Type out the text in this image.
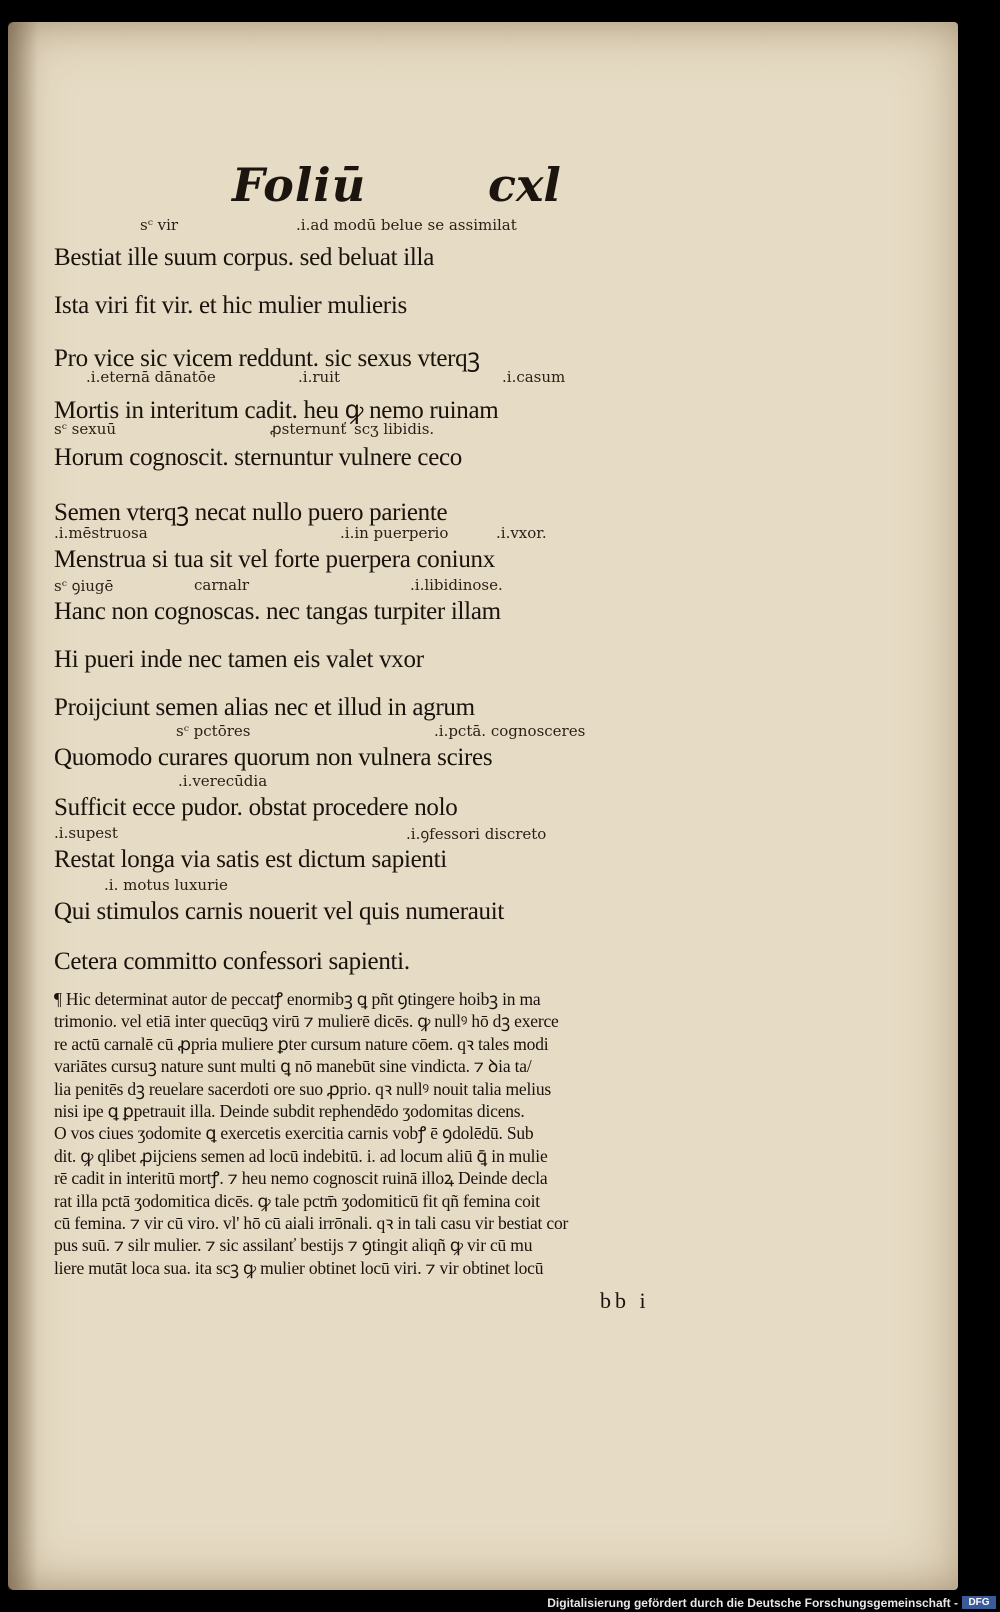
Foliū	cxl
sᶜ vir	.i.ad modū belue se assimilat
.i.eternā dānatōe	.i.ruit	.i.casum
sᶜ sexuū	ꝓsternunť scʒ libidis.
.i.mēstruosa	.i.in puerperio	.i.vxor.
sᶜ ꝯiugē	carnalr	.i.libidinose.
sᶜ pctōres	.i.pctā. cognosceres
.i.verecūdia
.i.supest	.i.ꝯfessori discreto
.i. motus luxurie
Bestiat ille suum corpus. sed beluat illa
Ista viri fit vir. et hic mulier mulieris
Pro vice sic vicem reddunt. sic sexus vterqꝫ
Mortis in interitum cadit. heu ꝙ nemo ruinam
Horum cognoscit. sternuntur vulnere ceco
Semen vterqꝫ necat nullo puero pariente
Menstrua si tua sit vel forte puerpera coniunx
Hanc non cognoscas. nec tangas turpiter illam
Hi pueri inde nec tamen eis valet vxor
Proijciunt semen alias nec et illud in agrum
Quomodo curares quorum non vulnera scires
Sufficit ecce pudor. obstat procedere nolo
Restat longa via satis est dictum sapienti
Qui stimulos carnis nouerit vel quis numerauit
Cetera committo confessori sapienti.
¶ Hic determinat autor de peccatꝭ enormibꝫ ꝗ pñt ꝯtingere hoibꝫ in ma
trimonio. vel etiā inter quecūqꝫ virū ⁊ mulierē dicēs. ꝙ nullꝰ hō dꝫ exerce
re actū carnalē cū ꝓpria muliere ꝑter cursum nature cōem. qꝛ tales modi
variātes cursuꝫ nature sunt multi ꝗ nō manebūt sine vindicta. ⁊ ꝺia ta/
lia penitēs dꝫ reuelare sacerdoti ore suo ꝓprio. qꝛ nullꝰ nouit talia melius
nisi ipe ꝗ ꝑpetrauit illa. Deinde subdit rephendēdo ʒodomitas dicens.
O vos ciues ʒodomite ꝗ exercetis exercitia carnis vobꝭ ē ꝯdolēdū. Sub
dit. ꝙ qlibet ꝓijciens semen ad locū indebitū. i. ad locum aliū ꝗ̄ in mulie
rē cadit in interitū mortꝭ. ⁊ heu nemo cognoscit ruinā illoꝝ Deinde decla
rat illa pctā ʒodomitica dicēs. ꝙ tale pctm̄ ʒodomiticū fit qñ femina coit
cū femina. ⁊ vir cū viro. vl' hō cū aiali irrōnali. qꝛ in tali casu vir bestiat cor
pus suū. ⁊ silr mulier. ⁊ sic assilanť bestijs ⁊ ꝯtingit aliqñ ꝙ vir cū mu
liere mutāt loca sua. ita scꝫ ꝙ mulier obtinet locū viri. ⁊ vir obtinet locū
bb i
Digitalisierung gefördert durch die Deutsche Forschungsgemeinschaft -	DFG
